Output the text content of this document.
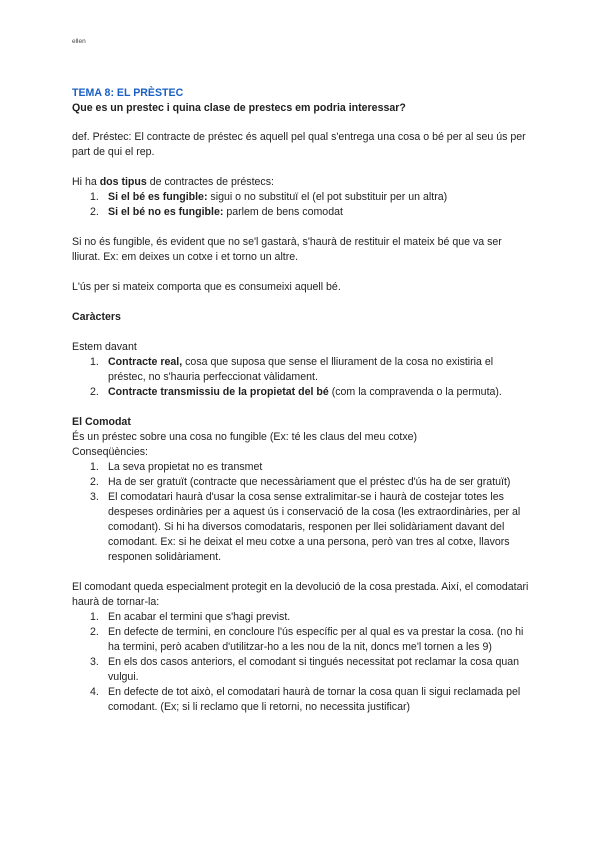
ellen
TEMA 8: EL PRÈSTEC
Que es un prestec i quina clase de prestecs em podria interessar?

def. Préstec: El contracte de préstec és aquell pel qual s'entrega una cosa o bé per al seu ús per part de qui el rep.

Hi ha dos tipus de contractes de préstecs:
1. Si el bé es fungible: sigui o no substituï el (el pot substituir per un altra)
2. Si el bé no es fungible: parlem de bens comodat

Si no és fungible, és evident que no se'l gastarà, s'haurà de restituir el mateix bé que va ser lliurat. Ex: em deixes un cotxe i et torno un altre.

L'ús per si mateix comporta que es consumeixi aquell bé.

Caràcters
Estem davant
1. Contracte real, cosa que suposa que sense el lliurament de la cosa no existiria el préstec, no s'hauria perfeccionat vàlidament.
2. Contracte transmissiu de la propietat del bé (com la compravenda o la permuta).
El Comodat
És un préstec sobre una cosa no fungible (Ex: té les claus del meu cotxe)
Conseqüències:
1. La seva propietat no es transmet
2. Ha de ser gratuït (contracte que necessàriament que el préstec d'ús ha de ser gratuït)
3. El comodatari haurà d'usar la cosa sense extralimitar-se i haurà de costejar totes les despeses ordinàries per a aquest ús i conservació de la cosa (les extraordinàries, per al comodant). Si hi ha diversos comodataris, responen per llei solidàriament davant del comodant. Ex: si he deixat el meu cotxe a una persona, però van tres al cotxe, llavors responen solidàriament.
El comodant queda especialment protegit en la devolució de la cosa prestada. Així, el comodatari haurà de tornar-la:
1. En acabar el termini que s'hagi previst.
2. En defecte de termini, en concloure l'ús específic per al qual es va prestar la cosa. (no hi ha termini, però acaben d'utilitzar-ho a les nou de la nit, doncs me'l tornen a les 9)
3. En els dos casos anteriors, el comodant si tingués necessitat pot reclamar la cosa quan vulgui.
4. En defecte de tot això, el comodatari haurà de tornar la cosa quan li sigui reclamada pel comodant. (Ex; si li reclamo que li retorni, no necessita justificar)
